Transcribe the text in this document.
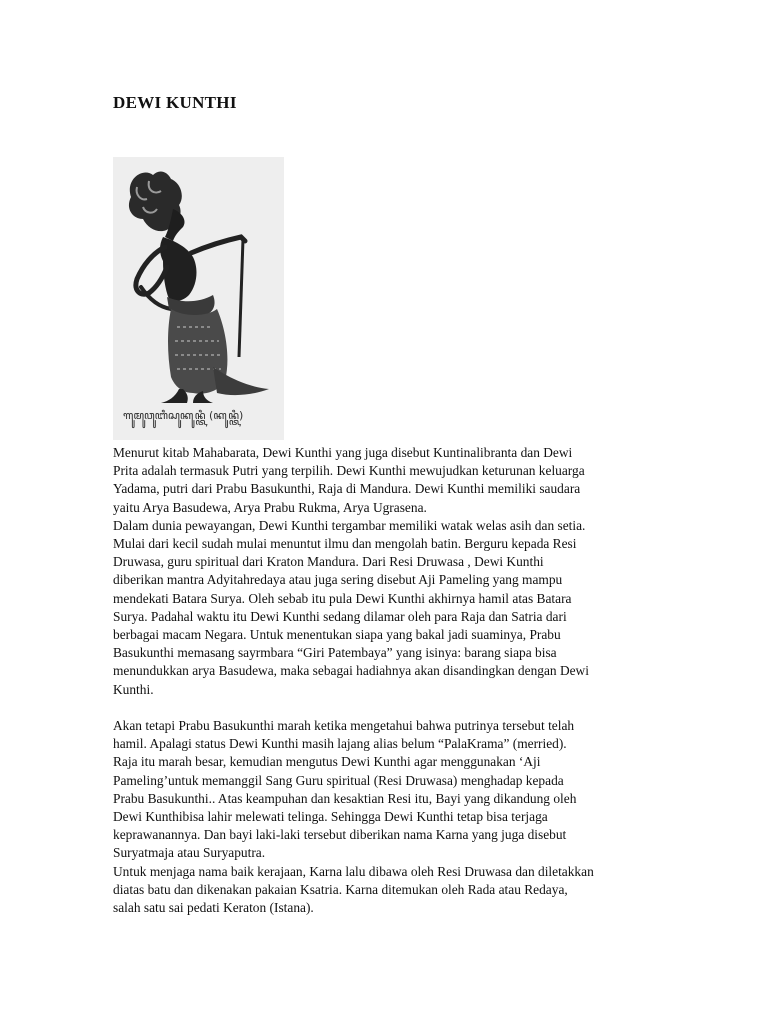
DEWI KUNTHI
ꦒꦸꦩꦸꦮꦸꦧꦶꦱꦸꦏꦸꦤ꧀ꦠꦶ (ꦏꦸꦤ꧀ꦠꦶ)

Menurut kitab Mahabarata, Dewi Kunthi yang juga disebut Kuntinalibranta dan Dewi
Prita adalah termasuk Putri yang terpilih. Dewi Kunthi mewujudkan keturunan keluarga
Yadama, putri dari Prabu Basukunthi, Raja di Mandura. Dewi Kunthi memiliki saudara
yaitu Arya Basudewa, Arya Prabu Rukma, Arya Ugrasena.
Dalam dunia pewayangan, Dewi Kunthi tergambar memiliki watak welas asih dan setia.
Mulai dari kecil sudah mulai menuntut ilmu dan mengolah batin. Berguru kepada Resi
Druwasa, guru spiritual dari Kraton Mandura. Dari Resi Druwasa , Dewi Kunthi
diberikan mantra Adyitahredaya atau juga sering disebut Aji Pameling yang mampu
mendekati Batara Surya. Oleh sebab itu pula Dewi Kunthi akhirnya hamil atas Batara
Surya. Padahal waktu itu Dewi Kunthi sedang dilamar oleh para Raja dan Satria dari
berbagai macam Negara. Untuk menentukan siapa yang bakal jadi suaminya, Prabu
Basukunthi memasang sayrmbara “Giri Patembaya” yang isinya: barang siapa bisa
menundukkan arya Basudewa, maka sebagai hadiahnya akan disandingkan dengan Dewi
Kunthi.

Akan tetapi Prabu Basukunthi marah ketika mengetahui bahwa putrinya tersebut telah
hamil. Apalagi status Dewi Kunthi masih lajang alias belum “PalaKrama” (merried).
Raja itu marah besar, kemudian mengutus Dewi Kunthi agar menggunakan ‘Aji
Pameling’untuk memanggil Sang Guru spiritual (Resi Druwasa) menghadap kepada
Prabu Basukunthi.. Atas keampuhan dan kesaktian Resi itu, Bayi yang dikandung oleh
Dewi Kunthibisa lahir melewati telinga. Sehingga Dewi Kunthi tetap bisa terjaga
keprawanannya. Dan bayi laki-laki tersebut diberikan nama Karna yang juga disebut
Suryatmaja atau Suryaputra.
Untuk menjaga nama baik kerajaan, Karna lalu dibawa oleh Resi Druwasa dan diletakkan
diatas batu dan dikenakan pakaian Ksatria. Karna ditemukan oleh Rada atau Redaya,
salah satu sai pedati Keraton (Istana).
